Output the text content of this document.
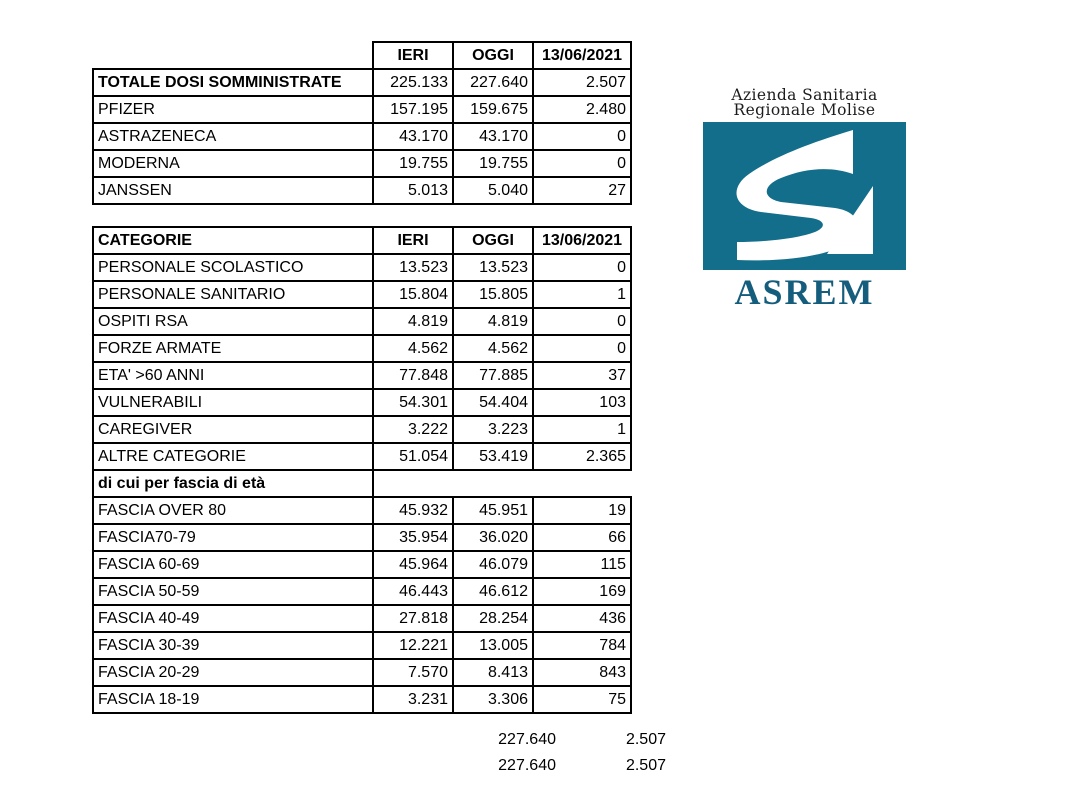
	IERI	OGGI	13/06/2021
TOTALE DOSI SOMMINISTRATE	225.133	227.640	2.507
PFIZER	157.195	159.675	2.480
ASTRAZENECA	43.170	43.170	0
MODERNA	19.755	19.755	0
JANSSEN	5.013	5.040	27
CATEGORIE	IERI	OGGI	13/06/2021
PERSONALE SCOLASTICO	13.523	13.523	0
PERSONALE SANITARIO	15.804	15.805	1
OSPITI RSA	4.819	4.819	0
FORZE ARMATE	4.562	4.562	0
ETA' >60 ANNI	77.848	77.885	37
VULNERABILI	54.301	54.404	103
CAREGIVER	3.222	3.223	1
ALTRE CATEGORIE	51.054	53.419	2.365
di cui per fascia di età			
FASCIA OVER 80	45.932	45.951	19
FASCIA70-79	35.954	36.020	66
FASCIA 60-69	45.964	46.079	115
FASCIA 50-59	46.443	46.612	169
FASCIA 40-49	27.818	28.254	436
FASCIA 30-39	12.221	13.005	784
FASCIA 20-29	7.570	8.413	843
FASCIA 18-19	3.231	3.306	75
227.640	2.507
227.640	2.507
Azienda Sanitaria
Regionale Molise
ASREM
